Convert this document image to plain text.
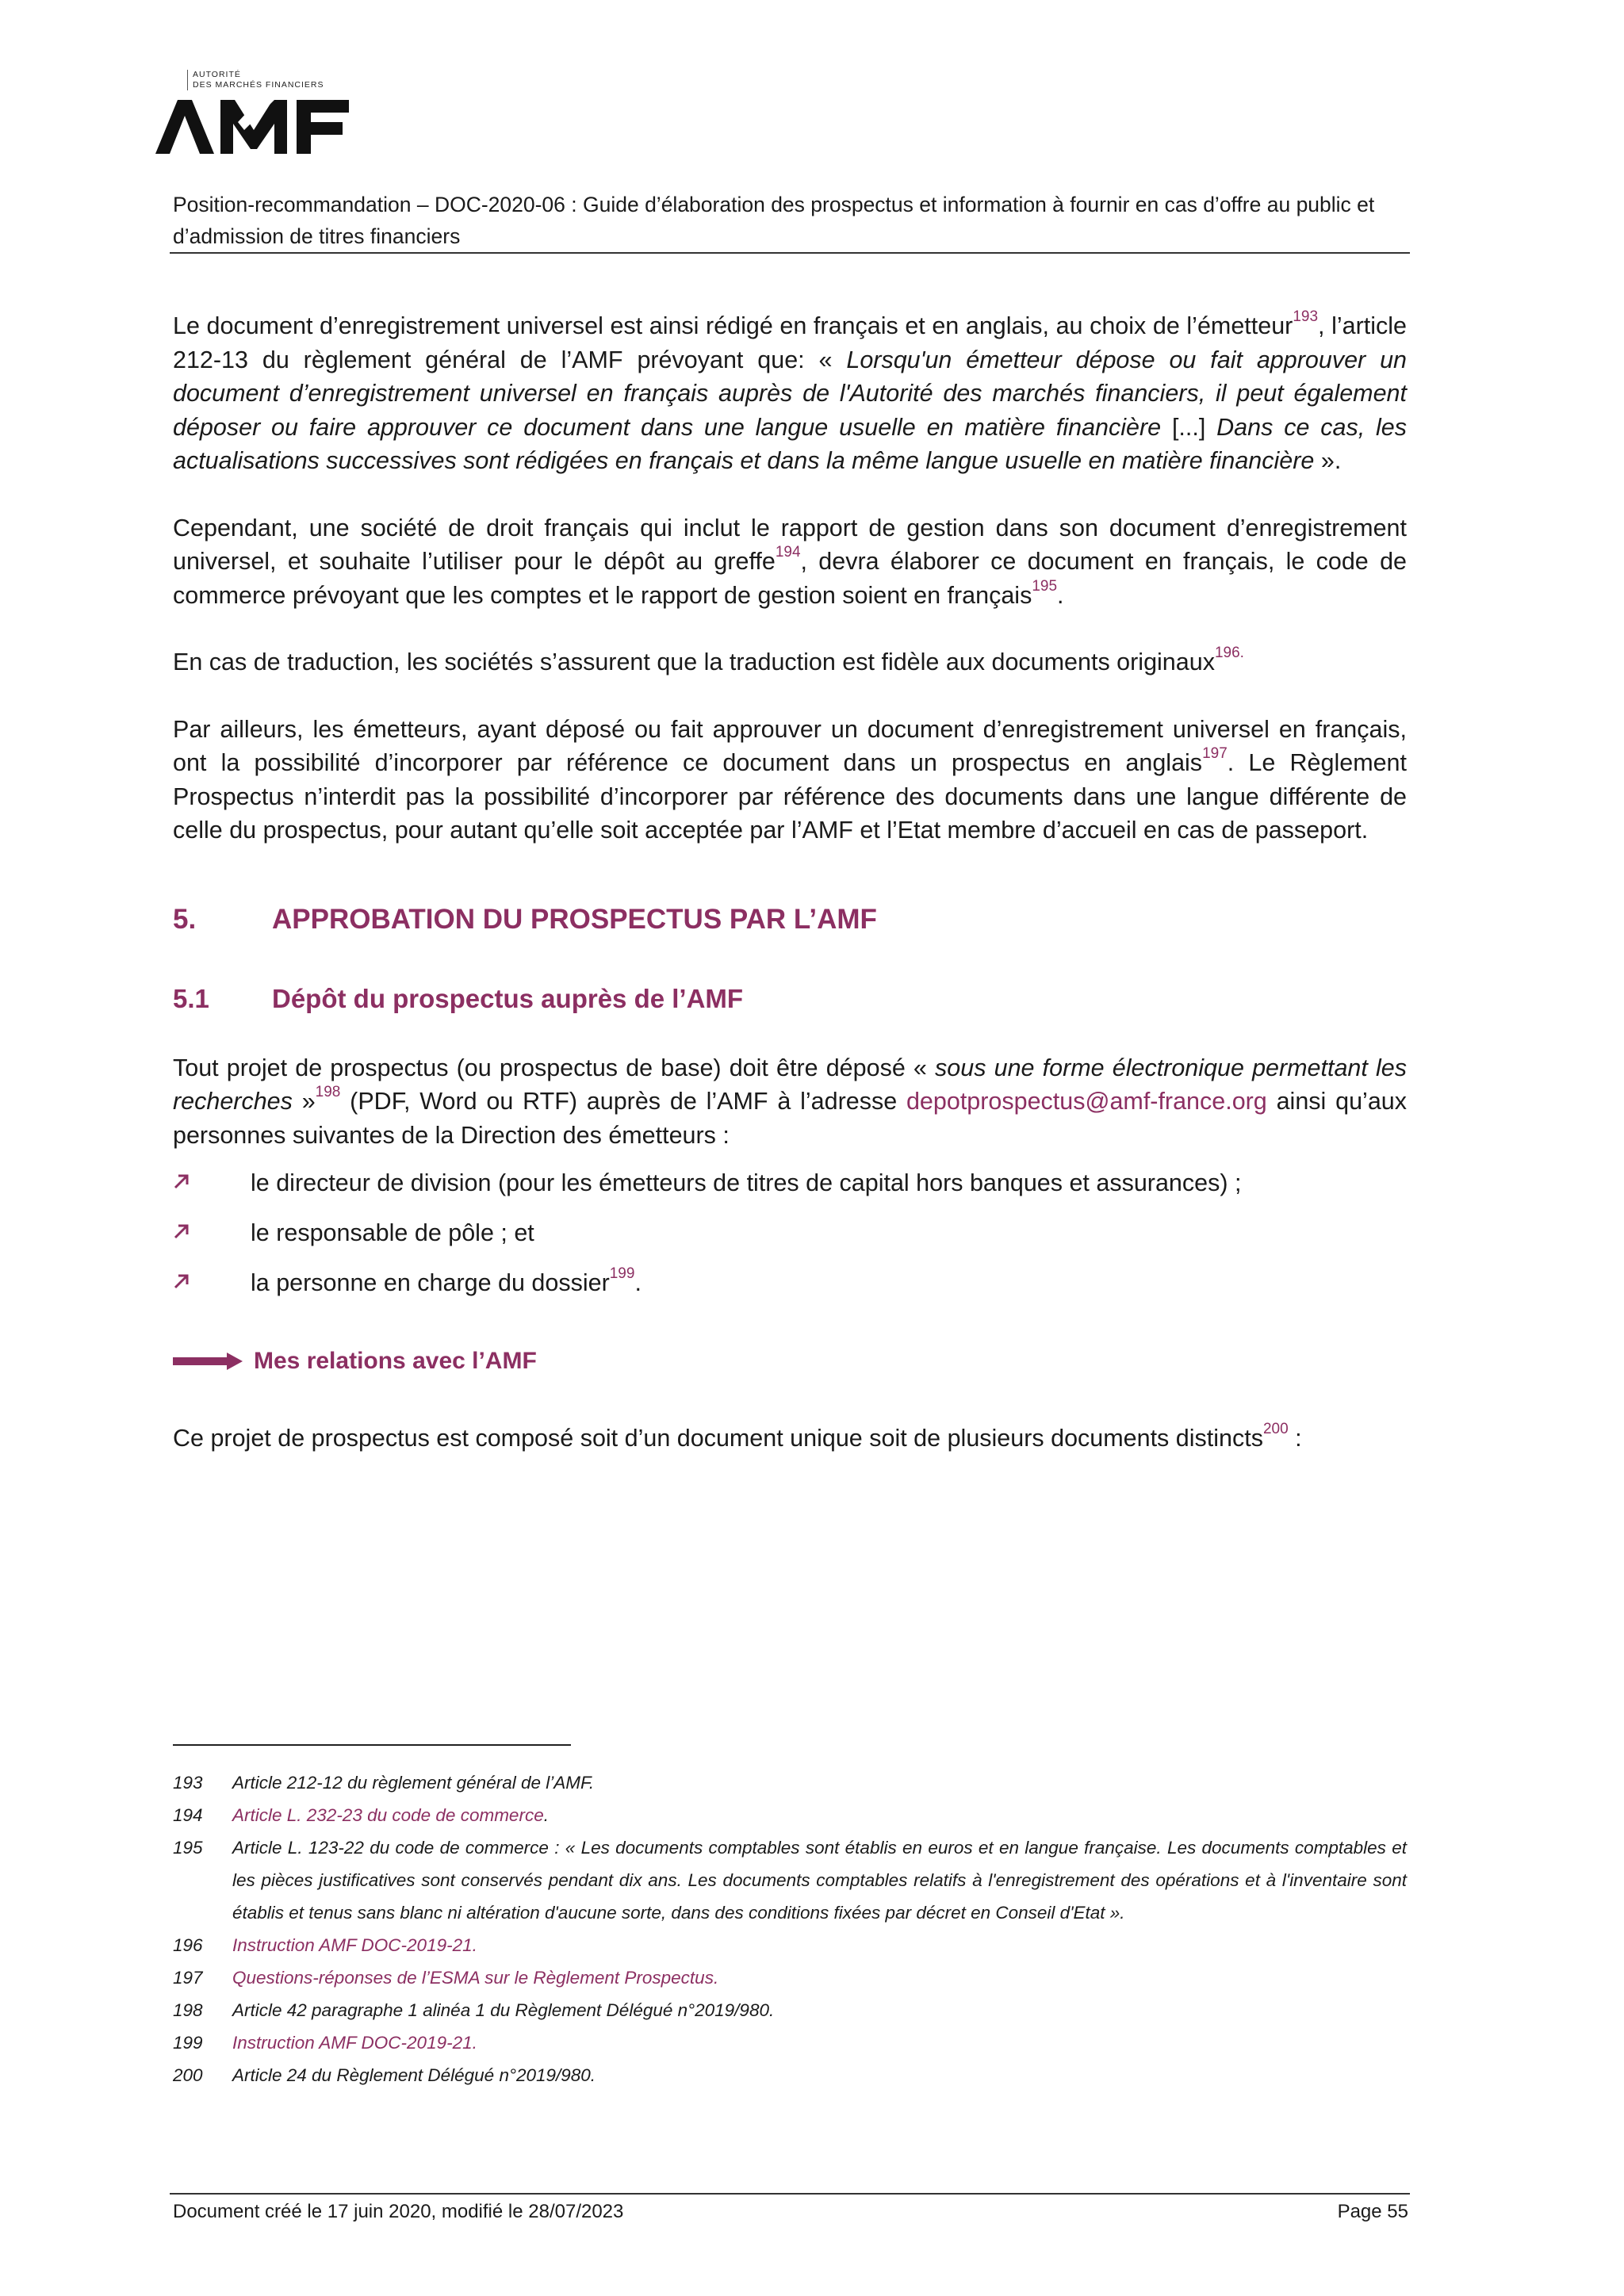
AUTORITÉ
DES MARCHÉS FINANCIERS
Position-recommandation – DOC-2020-06 : Guide d’élaboration des prospectus et information à fournir en cas d’offre au public et d’admission de titres financiers

Le document d’enregistrement universel est ainsi rédigé en français et en anglais, au choix de l’émetteur$^{193}$, l’article 212-13 du règlement général de l’AMF prévoyant que: « Lorsqu'un émetteur dépose ou fait approuver un document d’enregistrement universel en français auprès de l'Autorité des marchés financiers, il peut également déposer ou faire approuver ce document dans une langue usuelle en matière financière [...] Dans ce cas, les actualisations successives sont rédigées en français et dans la même langue usuelle en matière financière ».

Cependant, une société de droit français qui inclut le rapport de gestion dans son document d’enregistrement universel, et souhaite l’utiliser pour le dépôt au greffe$^{194}$, devra élaborer ce document en français, le code de commerce prévoyant que les comptes et le rapport de gestion soient en français$^{195}$.

En cas de traduction, les sociétés s’assurent que la traduction est fidèle aux documents originaux$^{196.}$

Par ailleurs, les émetteurs, ayant déposé ou fait approuver un document d’enregistrement universel en français, ont la possibilité d’incorporer par référence ce document dans un prospectus en anglais$^{197}$. Le Règlement Prospectus n’interdit pas la possibilité d’incorporer par référence des documents dans une langue différente de celle du prospectus, pour autant qu’elle soit acceptée par l’AMF et l’Etat membre d’accueil en cas de passeport.

5.	APPROBATION DU PROSPECTUS PAR L’AMF
5.1	Dépôt du prospectus auprès de l’AMF

Tout projet de prospectus (ou prospectus de base) doit être déposé « sous une forme électronique permettant les recherches »$^{198}$ (PDF, Word ou RTF) auprès de l’AMF à l’adresse depotprospectus@amf-france.org ainsi qu’aux personnes suivantes de la Direction des émetteurs :

le directeur de division (pour les émetteurs de titres de capital hors banques et assurances) ;
le responsable de pôle ; et
la personne en charge du dossier$^{199}$.
Mes relations avec l’AMF

Ce projet de prospectus est composé soit d’un document unique soit de plusieurs documents distincts$^{200}$ :

193	Article 212-12 du règlement général de l’AMF.
194	Article L. 232-23 du code de commerce.
195	Article L. 123-22 du code de commerce : « Les documents comptables sont établis en euros et en langue française. Les documents comptables et les pièces justificatives sont conservés pendant dix ans. Les documents comptables relatifs à l'enregistrement des opérations et à l'inventaire sont établis et tenus sans blanc ni altération d'aucune sorte, dans des conditions fixées par décret en Conseil d'Etat ».
196	Instruction AMF DOC-2019-21.
197	Questions-réponses de l’ESMA sur le Règlement Prospectus.
198	Article 42 paragraphe 1 alinéa 1 du Règlement Délégué n°2019/980.
199	Instruction AMF DOC-2019-21.
200	Article 24 du Règlement Délégué n°2019/980.
Document créé le 17 juin 2020, modifié le 28/07/2023	Page 55
